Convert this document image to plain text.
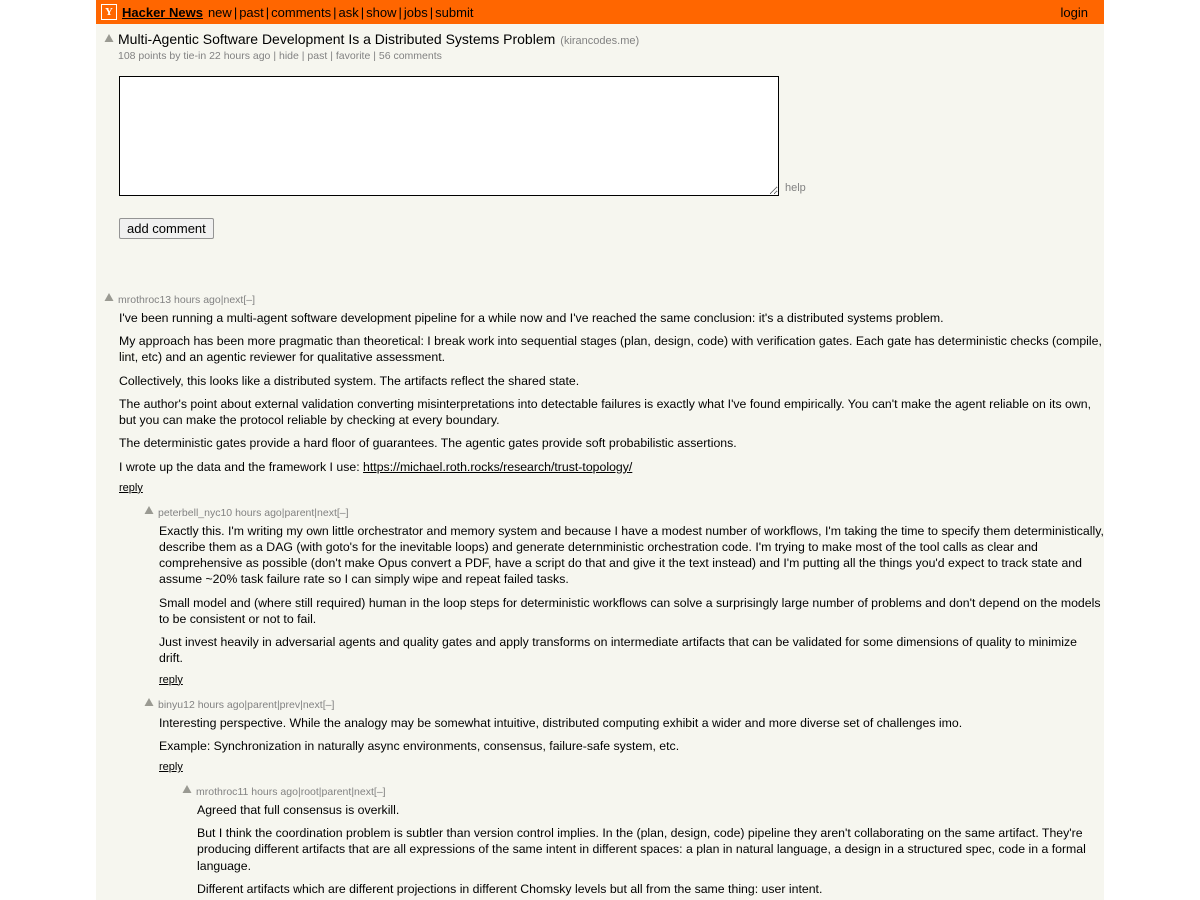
Y Hacker News new | past | comments | ask | show | jobs | submit	login
Multi-Agentic Software Development Is a Distributed Systems Problem (kirancodes.me)
108 points by tie-in 22 hours ago | hide | past | favorite | 56 comments
help
add comment
mrothroc 13 hours ago | next [–]

I've been running a multi-agent software development pipeline for a while now and I've reached the same conclusion: it's a distributed systems problem.

My approach has been more pragmatic than theoretical: I break work into sequential stages (plan, design, code) with verification gates. Each gate has deterministic checks (compile, lint, etc) and an agentic reviewer for qualitative assessment.

Collectively, this looks like a distributed system. The artifacts reflect the shared state.

The author's point about external validation converting misinterpretations into detectable failures is exactly what I've found empirically. You can't make the agent reliable on its own, but you can make the protocol reliable by checking at every boundary.

The deterministic gates provide a hard floor of guarantees. The agentic gates provide soft probabilistic assertions.

I wrote up the data and the framework I use: https://michael.roth.rocks/research/trust-topology/

reply
peterbell_nyc 10 hours ago | parent | next [–]

Exactly this. I'm writing my own little orchestrator and memory system and because I have a modest number of workflows, I'm taking the time to specify them deterministically, describe them as a DAG (with goto's for the inevitable loops) and generate deternministic orchestration code. I'm trying to make most of the tool calls as clear and comprehensive as possible (don't make Opus convert a PDF, have a script do that and give it the text instead) and I'm putting all the things you'd expect to track state and assume ~20% task failure rate so I can simply wipe and repeat failed tasks.

Small model and (where still required) human in the loop steps for deterministic workflows can solve a surprisingly large number of problems and don't depend on the models to be consistent or not to fail.

Just invest heavily in adversarial agents and quality gates and apply transforms on intermediate artifacts that can be validated for some dimensions of quality to minimize drift.

reply
binyu 12 hours ago | parent | prev | next [–]

Interesting perspective. While the analogy may be somewhat intuitive, distributed computing exhibit a wider and more diverse set of challenges imo.

Example: Synchronization in naturally async environments, consensus, failure-safe system, etc.

reply
mrothroc 11 hours ago | root | parent | next [–]

Agreed that full consensus is overkill.

But I think the coordination problem is subtler than version control implies. In the (plan, design, code) pipeline they aren't collaborating on the same artifact. They're producing different artifacts that are all expressions of the same intent in different spaces: a plan in natural language, a design in a structured spec, code in a formal language.

Different artifacts which are different projections in different Chomsky levels but all from the same thing: user intent.
